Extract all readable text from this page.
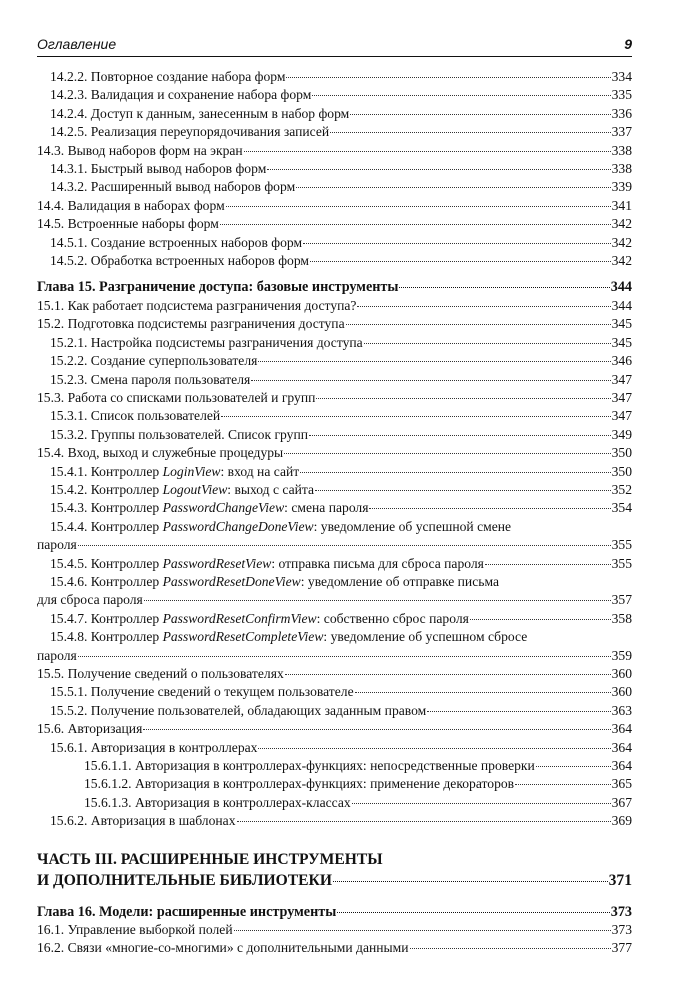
Оглавление	9
14.2.2. Повторное создание набора форм	334
14.2.3. Валидация и сохранение набора форм	335
14.2.4. Доступ к данным, занесенным в набор форм	336
14.2.5. Реализация переупорядочивания записей	337
14.3. Вывод наборов форм на экран	338
14.3.1. Быстрый вывод наборов форм	338
14.3.2. Расширенный вывод наборов форм	339
14.4. Валидация в наборах форм	341
14.5. Встроенные наборы форм	342
14.5.1. Создание встроенных наборов форм	342
14.5.2. Обработка встроенных наборов форм	342
Глава 15. Разграничение доступа: базовые инструменты	344
15.1. Как работает подсистема разграничения доступа?	344
15.2. Подготовка подсистемы разграничения доступа	345
15.2.1. Настройка подсистемы разграничения доступа	345
15.2.2. Создание суперпользователя	346
15.2.3. Смена пароля пользователя	347
15.3. Работа со списками пользователей и групп	347
15.3.1. Список пользователей	347
15.3.2. Группы пользователей. Список групп	349
15.4. Вход, выход и служебные процедуры	350
15.4.1. Контроллер LoginView: вход на сайт	350
15.4.2. Контроллер LogoutView: выход с сайта	352
15.4.3. Контроллер PasswordChangeView: смена пароля	354
15.4.4. Контроллер PasswordChangeDoneView: уведомление об успешной смене
пароля	355
15.4.5. Контроллер PasswordResetView: отправка письма для сброса пароля	355
15.4.6. Контроллер PasswordResetDoneView: уведомление об отправке письма
для сброса пароля	357
15.4.7. Контроллер PasswordResetConfirmView: собственно сброс пароля	358
15.4.8. Контроллер PasswordResetCompleteView: уведомление об успешном сбросе
пароля	359
15.5. Получение сведений о пользователях	360
15.5.1. Получение сведений о текущем пользователе	360
15.5.2. Получение пользователей, обладающих заданным правом	363
15.6. Авторизация	364
15.6.1. Авторизация в контроллерах	364
15.6.1.1. Авторизация в контроллерах-функциях: непосредственные проверки	364
15.6.1.2. Авторизация в контроллерах-функциях: применение декораторов	365
15.6.1.3. Авторизация в контроллерах-классах	367
15.6.2. Авторизация в шаблонах	369
ЧАСТЬ III. РАСШИРЕННЫЕ ИНСТРУМЕНТЫ
И ДОПОЛНИТЕЛЬНЫЕ БИБЛИОТЕКИ	371
Глава 16. Модели: расширенные инструменты	373
16.1. Управление выборкой полей	373
16.2. Связи «многие-со-многими» с дополнительными данными	377
